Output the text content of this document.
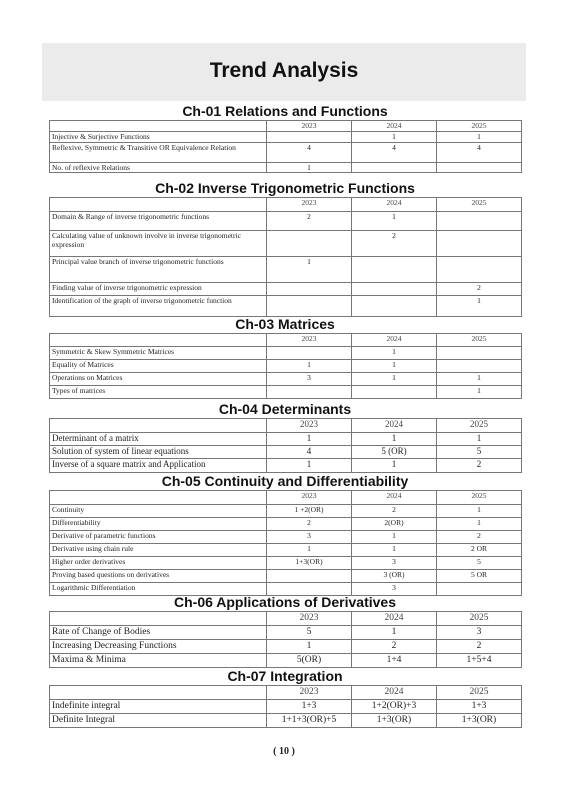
Trend Analysis
Ch-01 Relations and Functions
	2023	2024	2025
Injective & Surjective Functions		1	1
Reflexive, Symmetric & Transitive OR Equivalence Relation	4	4	4
No. of reflexive Relations	1		
Ch-02 Inverse Trigonometric Functions
	2023	2024	2025
Domain & Range of inverse trigonometric functions	2	1	
Calculating value of unknown involve in inverse trigonometric expression		2	
Principal value branch of inverse trigonometric functions	1		
Finding value of inverse trigonometric expression			2
Identification of the graph of inverse trigonometric function			1
Ch-03 Matrices
	2023	2024	2025
Symmetric & Skew Symmetric Matrices		1	
Equality of Matrices	1	1	
Operations on Matrices	3	1	1
Types of matrices			1
Ch-04 Determinants
	2023	2024	2025
Determinant of a matrix	1	1	1
Solution of system of linear equations	4	5 (OR)	5
Inverse of a square matrix and Application	1	1	2
Ch-05 Continuity and Differentiability
	2023	2024	2025
Continuity	1 +2(OR)	2	1
Differentiability	2	2(OR)	1
Derivative of parametric functions	3	1	2
Derivative using chain rule	1	1	2 OR
Higher order derivatives	1+3(OR)	3	5
Proving based questions on derivatives		3 (OR)	5 OR
Logarithmic Differentiation		3	
Ch-06 Applications of Derivatives
	2023	2024	2025
Rate of Change of Bodies	5	1	3
Increasing Decreasing Functions	1	2	2
Maxima & Minima	5(OR)	1+4	1+5+4
Ch-07 Integration
	2023	2024	2025
Indefinite integral	1+3	1+2(OR)+3	1+3
Definite Integral	1+1+3(OR)+5	1+3(OR)	1+3(OR)
( 10 )
